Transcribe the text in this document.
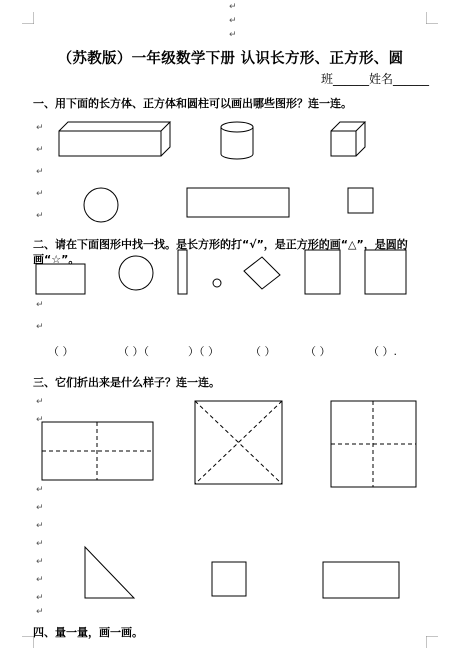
↵
↵
↵
（苏教版）一年级数学下册 认识长方形、正方形、圆
班______姓名______
一、用下面的长方体、正方体和圆柱可以画出哪些图形？连一连。
二、请在下面图形中找一找。是长方形的打“√”，是正方形的画“△”，是圆的画“☆”。
（ ）	（ ）（	）（ ）	（ ）	（ ）	（ ）.
三、它们折出来是什么样子？连一连。
四、量一量，画一画。
↵
↵
↵
↵
↵
↵
↵
↵
↵
↵
↵
↵
↵
↵
↵
↵
↵
